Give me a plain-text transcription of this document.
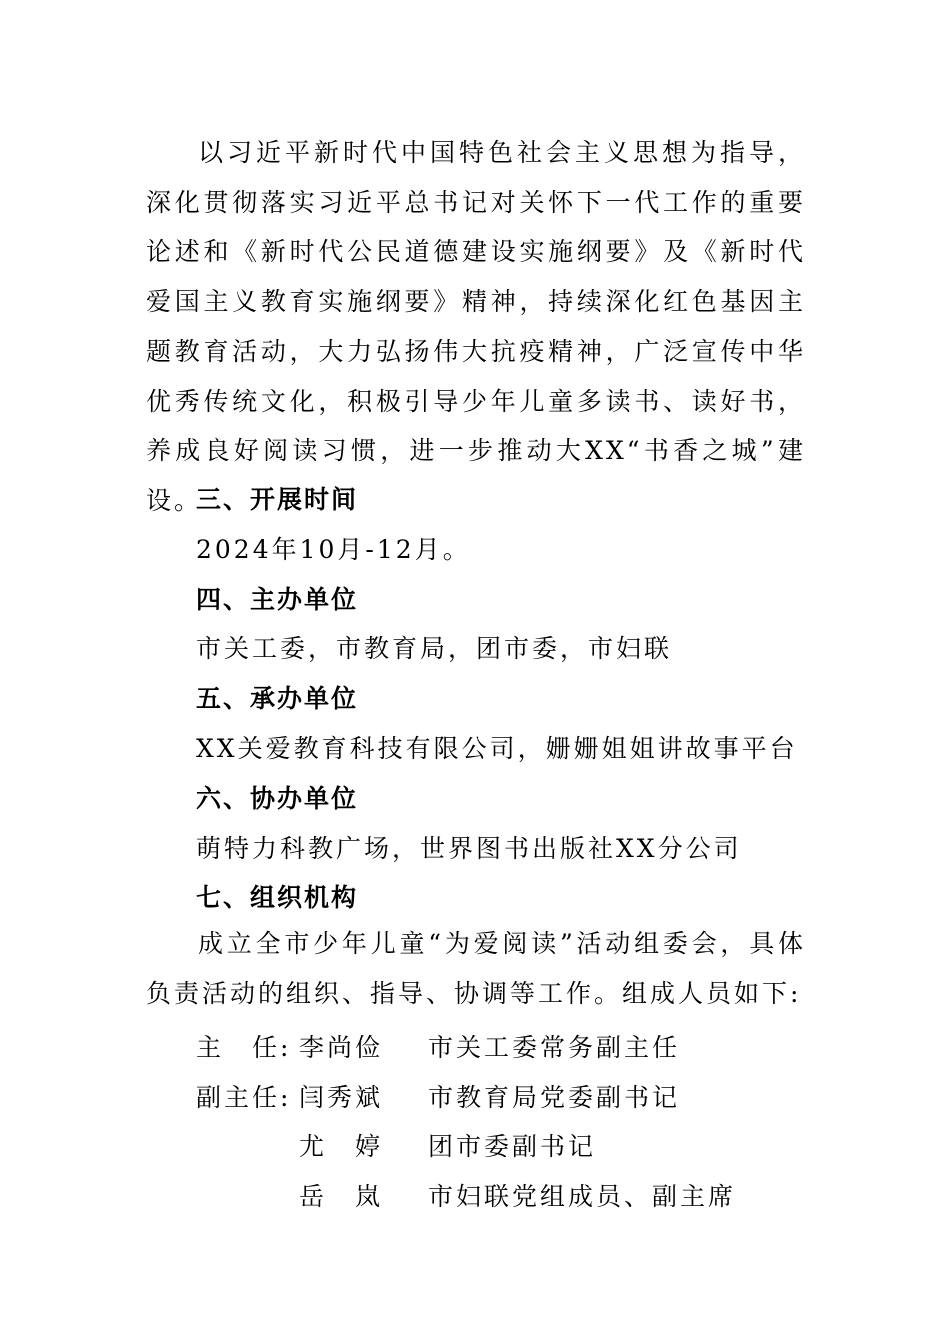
以习近平新时代中国特色社会主义思想为指导，深化贯彻落实习近平总书记对关怀下一代工作的重要论述和《新时代公民道德建设实施纲要》及《新时代爱国主义教育实施纲要》精神，持续深化红色基因主题教育活动，大力弘扬伟大抗疫精神，广泛宣传中华优秀传统文化，积极引导少年儿童多读书、读好书，养成良好阅读习惯，进一步推动大XX“书香之城”建设。

三、开展时间
2024年10月-12月。
四、主办单位
市关工委，市教育局，团市委，市妇联
五、承办单位
XX关爱教育科技有限公司，姗姗姐姐讲故事平台
六、协办单位
萌特力科教广场，世界图书出版社XX分公司
七、组织机构

成立全市少年儿童“为爱阅读”活动组委会，具体负责活动的组织、指导、协调等工作。组成人员如下:

主　任: 李尚俭 市关工委常务副主任
副主任: 闫秀斌 市教育局党委副书记
尤　婷 团市委副书记
岳　岚 市妇联党组成员、副主席
